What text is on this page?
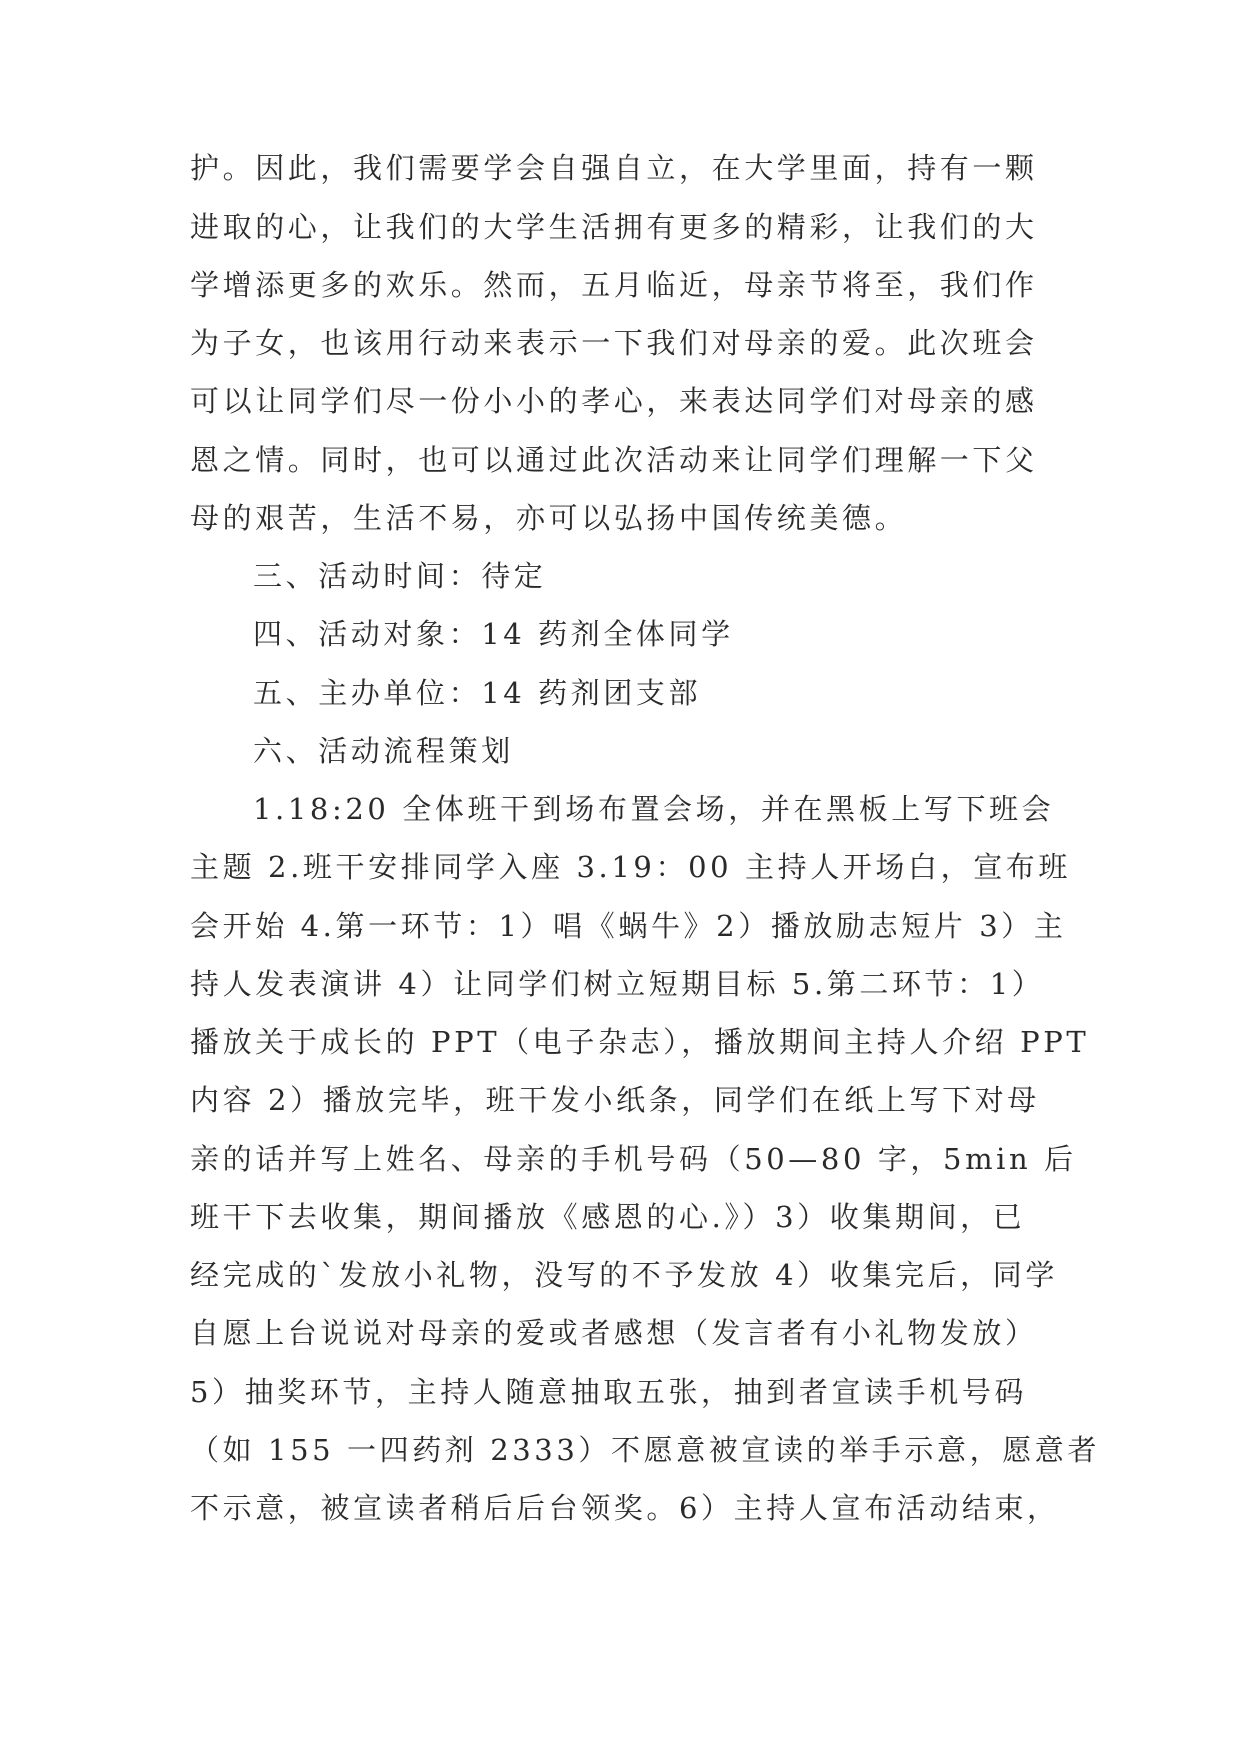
护。因此，我们需要学会自强自立，在大学里面，持有一颗
进取的心，让我们的大学生活拥有更多的精彩，让我们的大
学增添更多的欢乐。然而，五月临近，母亲节将至，我们作
为子女，也该用行动来表示一下我们对母亲的爱。此次班会
可以让同学们尽一份小小的孝心，来表达同学们对母亲的感
恩之情。同时，也可以通过此次活动来让同学们理解一下父
母的艰苦，生活不易，亦可以弘扬中国传统美德。
三、活动时间：待定
四、活动对象：14 药剂全体同学
五、主办单位：14 药剂团支部
六、活动流程策划
1.18:20 全体班干到场布置会场，并在黑板上写下班会
主题 2.班干安排同学入座 3.19：00 主持人开场白，宣布班
会开始 4.第一环节：1）唱《蜗牛》2）播放励志短片 3）主
持人发表演讲 4）让同学们树立短期目标 5.第二环节：1）
播放关于成长的 PPT（电子杂志），播放期间主持人介绍 PPT
内容 2）播放完毕，班干发小纸条，同学们在纸上写下对母
亲的话并写上姓名、母亲的手机号码（50—80 字，5min 后
班干下去收集，期间播放《感恩的心.》）3）收集期间，已
经完成的`发放小礼物，没写的不予发放 4）收集完后，同学
自愿上台说说对母亲的爱或者感想（发言者有小礼物发放）
5）抽奖环节，主持人随意抽取五张，抽到者宣读手机号码
（如 155 一四药剂 2333）不愿意被宣读的举手示意，愿意者
不示意，被宣读者稍后后台领奖。6）主持人宣布活动结束，
